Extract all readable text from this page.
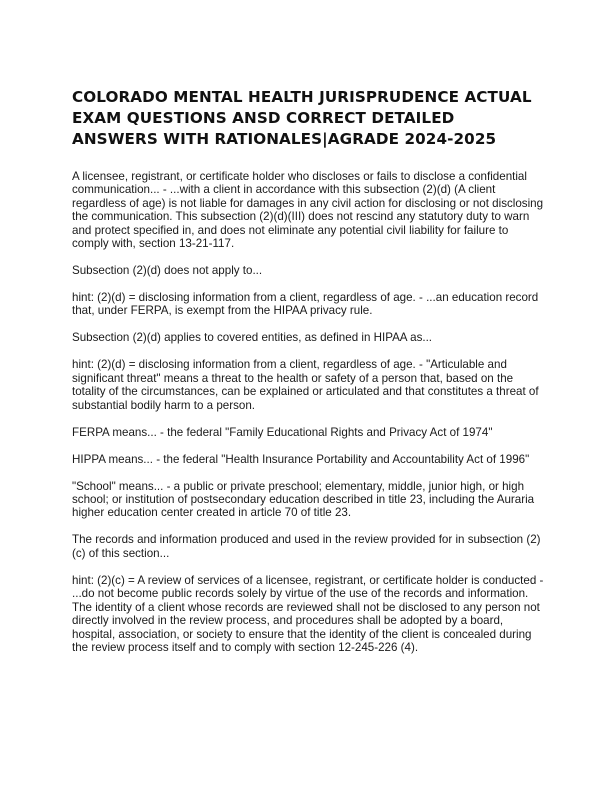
COLORADO MENTAL HEALTH JURISPRUDENCE ACTUAL EXAM QUESTIONS ANSD CORRECT DETAILED ANSWERS WITH RATIONALES|AGRADE 2024-2025

A licensee, registrant, or certificate holder who discloses or fails to disclose a confidential communication... - ...with a client in accordance with this subsection (2)(d) (A client regardless of age) is not liable for damages in any civil action for disclosing or not disclosing the communication. This subsection (2)(d)(III) does not rescind any statutory duty to warn and protect specified in, and does not eliminate any potential civil liability for failure to comply with, section 13-21-117.

Subsection (2)(d) does not apply to...

hint: (2)(d) = disclosing information from a client, regardless of age. - ...an education record that, under FERPA, is exempt from the HIPAA privacy rule.

Subsection (2)(d) applies to covered entities, as defined in HIPAA as...

hint: (2)(d) = disclosing information from a client, regardless of age. - "Articulable and significant threat" means a threat to the health or safety of a person that, based on the totality of the circumstances, can be explained or articulated and that constitutes a threat of substantial bodily harm to a person.

FERPA means... - the federal "Family Educational Rights and Privacy Act of 1974"

HIPPA means... - the federal "Health Insurance Portability and Accountability Act of 1996"

"School" means... - a public or private preschool; elementary, middle, junior high, or high school; or institution of postsecondary education described in title 23, including the Auraria higher education center created in article 70 of title 23.

The records and information produced and used in the review provided for in subsection (2)(c) of this section...

hint: (2)(c) = A review of services of a licensee, registrant, or certificate holder is conducted - ...do not become public records solely by virtue of the use of the records and information. The identity of a client whose records are reviewed shall not be disclosed to any person not directly involved in the review process, and procedures shall be adopted by a board, hospital, association, or society to ensure that the identity of the client is concealed during the review process itself and to comply with section 12-245-226 (4).
